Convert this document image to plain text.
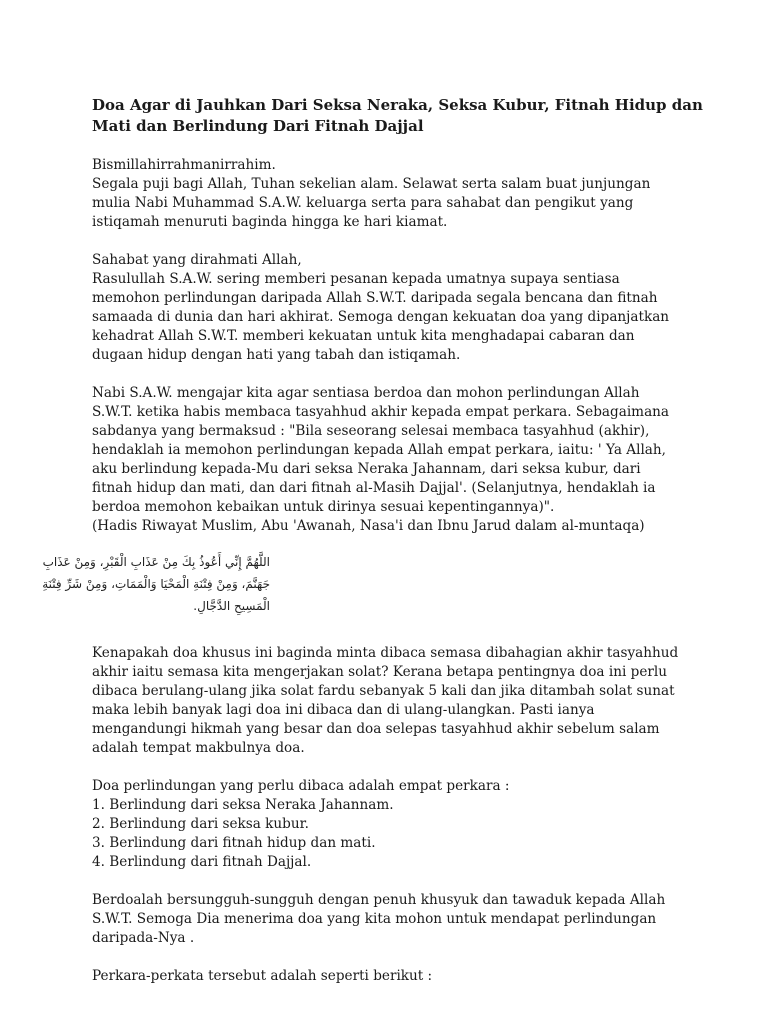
Doa Agar di Jauhkan Dari Seksa Neraka, Seksa Kubur, Fitnah Hidup dan
Mati dan Berlindung Dari Fitnah Dajjal
Bismillahirrahmanirrahim.
Segala puji bagi Allah, Tuhan sekelian alam. Selawat serta salam buat junjungan
mulia Nabi Muhammad S.A.W. keluarga serta para sahabat dan pengikut yang
istiqamah menuruti baginda hingga ke hari kiamat.
Sahabat yang dirahmati Allah,
Rasulullah S.A.W. sering memberi pesanan kepada umatnya supaya sentiasa
memohon perlindungan daripada Allah S.W.T. daripada segala bencana dan fitnah
samaada di dunia dan hari akhirat. Semoga dengan kekuatan doa yang dipanjatkan
kehadrat Allah S.W.T. memberi kekuatan untuk kita menghadapai cabaran dan
dugaan hidup dengan hati yang tabah dan istiqamah.
Nabi S.A.W. mengajar kita agar sentiasa berdoa dan mohon perlindungan Allah
S.W.T. ketika habis membaca tasyahhud akhir kepada empat perkara. Sebagaimana
sabdanya yang bermaksud : "Bila seseorang selesai membaca tasyahhud (akhir),
hendaklah ia memohon perlindungan kepada Allah empat perkara, iaitu: ' Ya Allah,
aku berlindung kepada-Mu dari seksa Neraka Jahannam, dari seksa kubur, dari
fitnah hidup dan mati, dan dari fitnah al-Masih Dajjal'. (Selanjutnya, hendaklah ia
berdoa memohon kebaikan untuk dirinya sesuai kepentingannya)".
(Hadis Riwayat Muslim, Abu 'Awanah, Nasa'i dan Ibnu Jarud dalam al-muntaqa)
اللَّهُمَّ إِنِّي أَعُوذُ بِكَ مِنْ عَذَابِ الْقَبْرِ، وَمِنْ عَذَابِ
جَهَنَّمَ، وَمِنْ فِتْنَةِ الْمَحْيَا وَالْمَمَاتِ، وَمِنْ شَرِّ فِتْنَةِ
الْمَسِيحِ الدَّجَّالِ.
Kenapakah doa khusus ini baginda minta dibaca semasa dibahagian akhir tasyahhud
akhir iaitu semasa kita mengerjakan solat? Kerana betapa pentingnya doa ini perlu
dibaca berulang-ulang jika solat fardu sebanyak 5 kali dan jika ditambah solat sunat
maka lebih banyak lagi doa ini dibaca dan di ulang-ulangkan. Pasti ianya
mengandungi hikmah yang besar dan doa selepas tasyahhud akhir sebelum salam
adalah tempat makbulnya doa.
Doa perlindungan yang perlu dibaca adalah empat perkara :
1. Berlindung dari seksa Neraka Jahannam.
2. Berlindung dari seksa kubur.
3. Berlindung dari fitnah hidup dan mati.
4. Berlindung dari fitnah Dajjal.
Berdoalah bersungguh-sungguh dengan penuh khusyuk dan tawaduk kepada Allah
S.W.T. Semoga Dia menerima doa yang kita mohon untuk mendapat perlindungan
daripada-Nya .
Perkara-perkata tersebut adalah seperti berikut :
